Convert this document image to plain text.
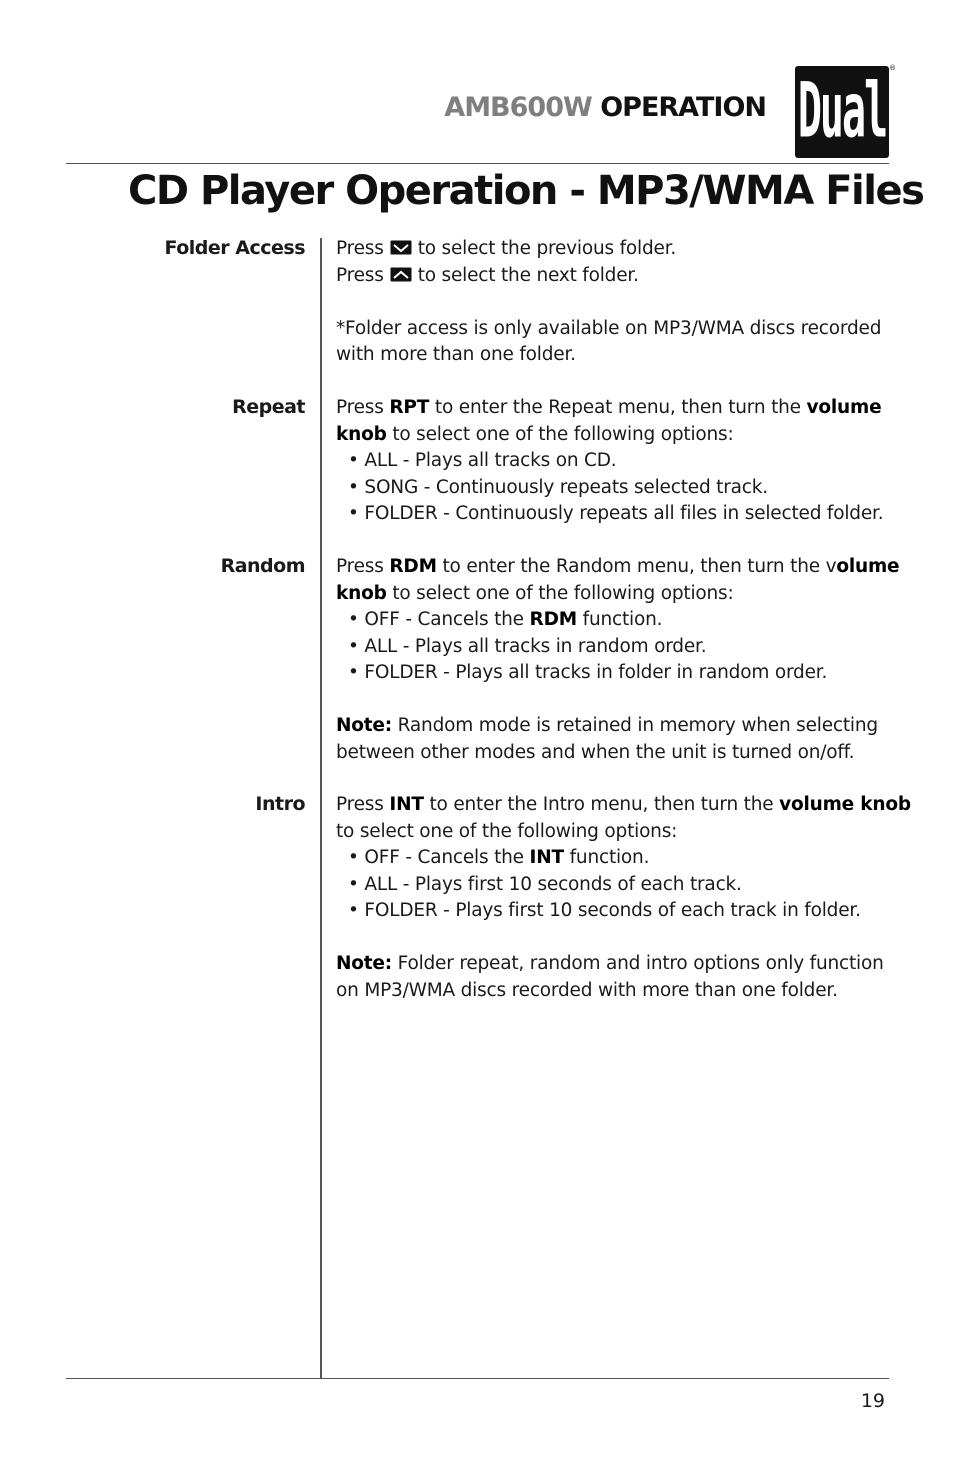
AMB600W OPERATION Dual
®
CD Player Operation - MP3/WMA Files
Folder Access Press to select the previous folder.

Press to select the next folder.

*Folder access is only available on MP3/WMA discs recorded

with more than one folder.

Repeat Press RPT to enter the Repeat menu, then turn the volume

knob to select one of the following options:

• ALL - Plays all tracks on CD.
• SONG - Continuously repeats selected track.
• FOLDER - Continuously repeats all files in selected folder.
Random Press RDM to enter the Random menu, then turn the volume

knob to select one of the following options:

• OFF - Cancels the RDM function.
• ALL - Plays all tracks in random order.
• FOLDER - Plays all tracks in folder in random order.

Note: Random mode is retained in memory when selecting

between other modes and when the unit is turned on/off.

Intro Press INT to enter the Intro menu, then turn the volume knob

to select one of the following options:

• OFF - Cancels the INT function.
• ALL - Plays first 10 seconds of each track.
• FOLDER - Plays first 10 seconds of each track in folder.

Note: Folder repeat, random and intro options only function

on MP3/WMA discs recorded with more than one folder.

19
